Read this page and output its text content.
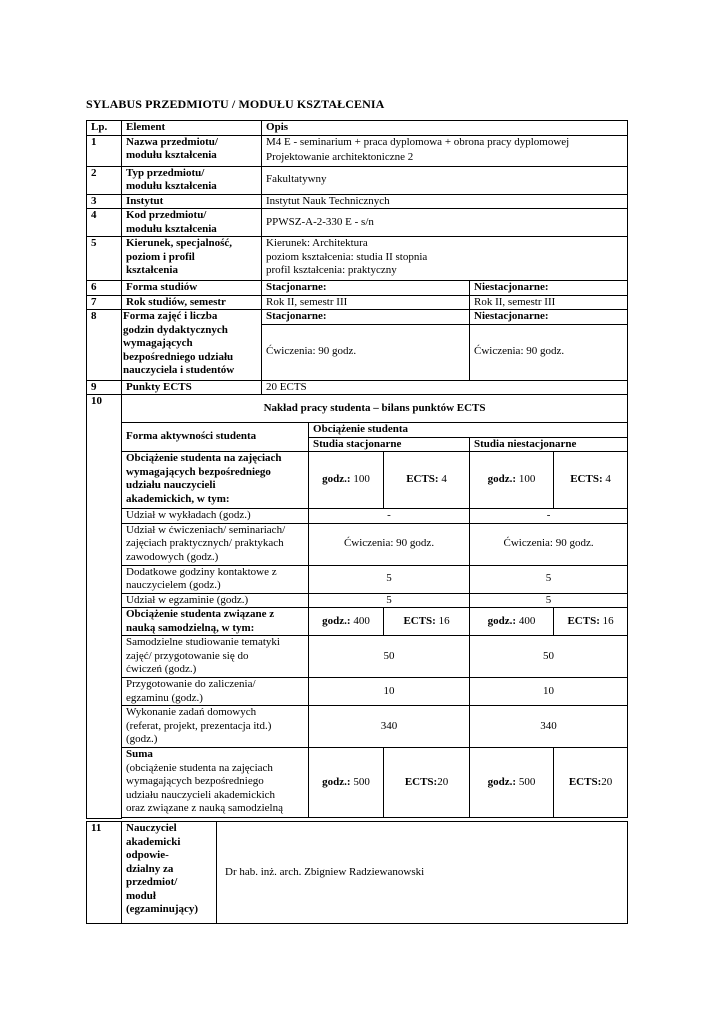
SYLABUS PRZEDMIOTU / MODUŁU KSZTAŁCENIA
Lp.	Element	Opis				
1	Nazwa przedmiotu/
modułu kształcenia	M4 E - seminarium + praca dyplomowa + obrona pracy dyplomowej
Projektowanie architektoniczne 2				

2	Typ przedmiotu/
modułu kształcenia	Fakultatywny				
3	Instytut	Instytut Nauk Technicznych				
4	Kod przedmiotu/
modułu kształcenia	PPWSZ-A-2-330 E - s/n				
5	Kierunek, specjalność,
poziom i profil
kształcenia	Kierunek: Architektura
poziom kształcenia: studia II stopnia
profil kształcenia: praktyczny				

6	Forma studiów	Stacjonarne:			Niestacjonarne:	
7	Rok studiów, semestr	Rok II, semestr III			Rok II, semestr III	
8	Forma zajęć i liczba
godzin dydaktycznych
wymagających
bezpośredniego udziału
nauczyciela i studentów	Stacjonarne:			Niestacjonarne:	
		Ćwiczenia: 90 godz.			Ćwiczenia: 90 godz.	
9	Punkty ECTS	20 ECTS				
10	Nakład pracy studenta – bilans punktów ECTS					
	Forma aktywności studenta		Obciążenie studenta			
			Studia stacjonarne		Studia niestacjonarne	

	Obciążenie studenta na zajęciach
wymagających bezpośredniego
udziału nauczycieli
akademickich, w tym:		godz.: 100	ECTS: 4	godz.: 100	ECTS: 4
	Udział w wykładach (godz.)		-		-	

	Udział w ćwiczeniach/ seminariach/
zajęciach praktycznych/ praktykach
zawodowych (godz.)		Ćwiczenia: 90 godz.		Ćwiczenia: 90 godz.	

	Dodatkowe godziny kontaktowe z
nauczycielem (godz.)		5		5	
	Udział w egzaminie (godz.)		5		5	

	Obciążenie studenta związane z
nauką samodzielną, w tym:		godz.: 400	ECTS: 16	godz.: 400	ECTS: 16

	Samodzielne studiowanie tematyki
zajęć/ przygotowanie się do
ćwiczeń (godz.)		50		50	

	Przygotowanie do zaliczenia/
egzaminu (godz.)		10		10	

	Wykonanie zadań domowych
(referat, projekt, prezentacja itd.)
(godz.)		340		340	

	Suma
(obciążenie studenta na zajęciach
wymagających bezpośredniego
udziału nauczycieli akademickich
oraz związane z nauką samodzielną		godz.: 500	ECTS:20	godz.: 500	ECTS:20

11	Nauczyciel
akademicki
odpowie-
dzialny za
przedmiot/
moduł
(egzaminujący)
	Dr hab. inż. arch. Zbigniew Radziewanowski
